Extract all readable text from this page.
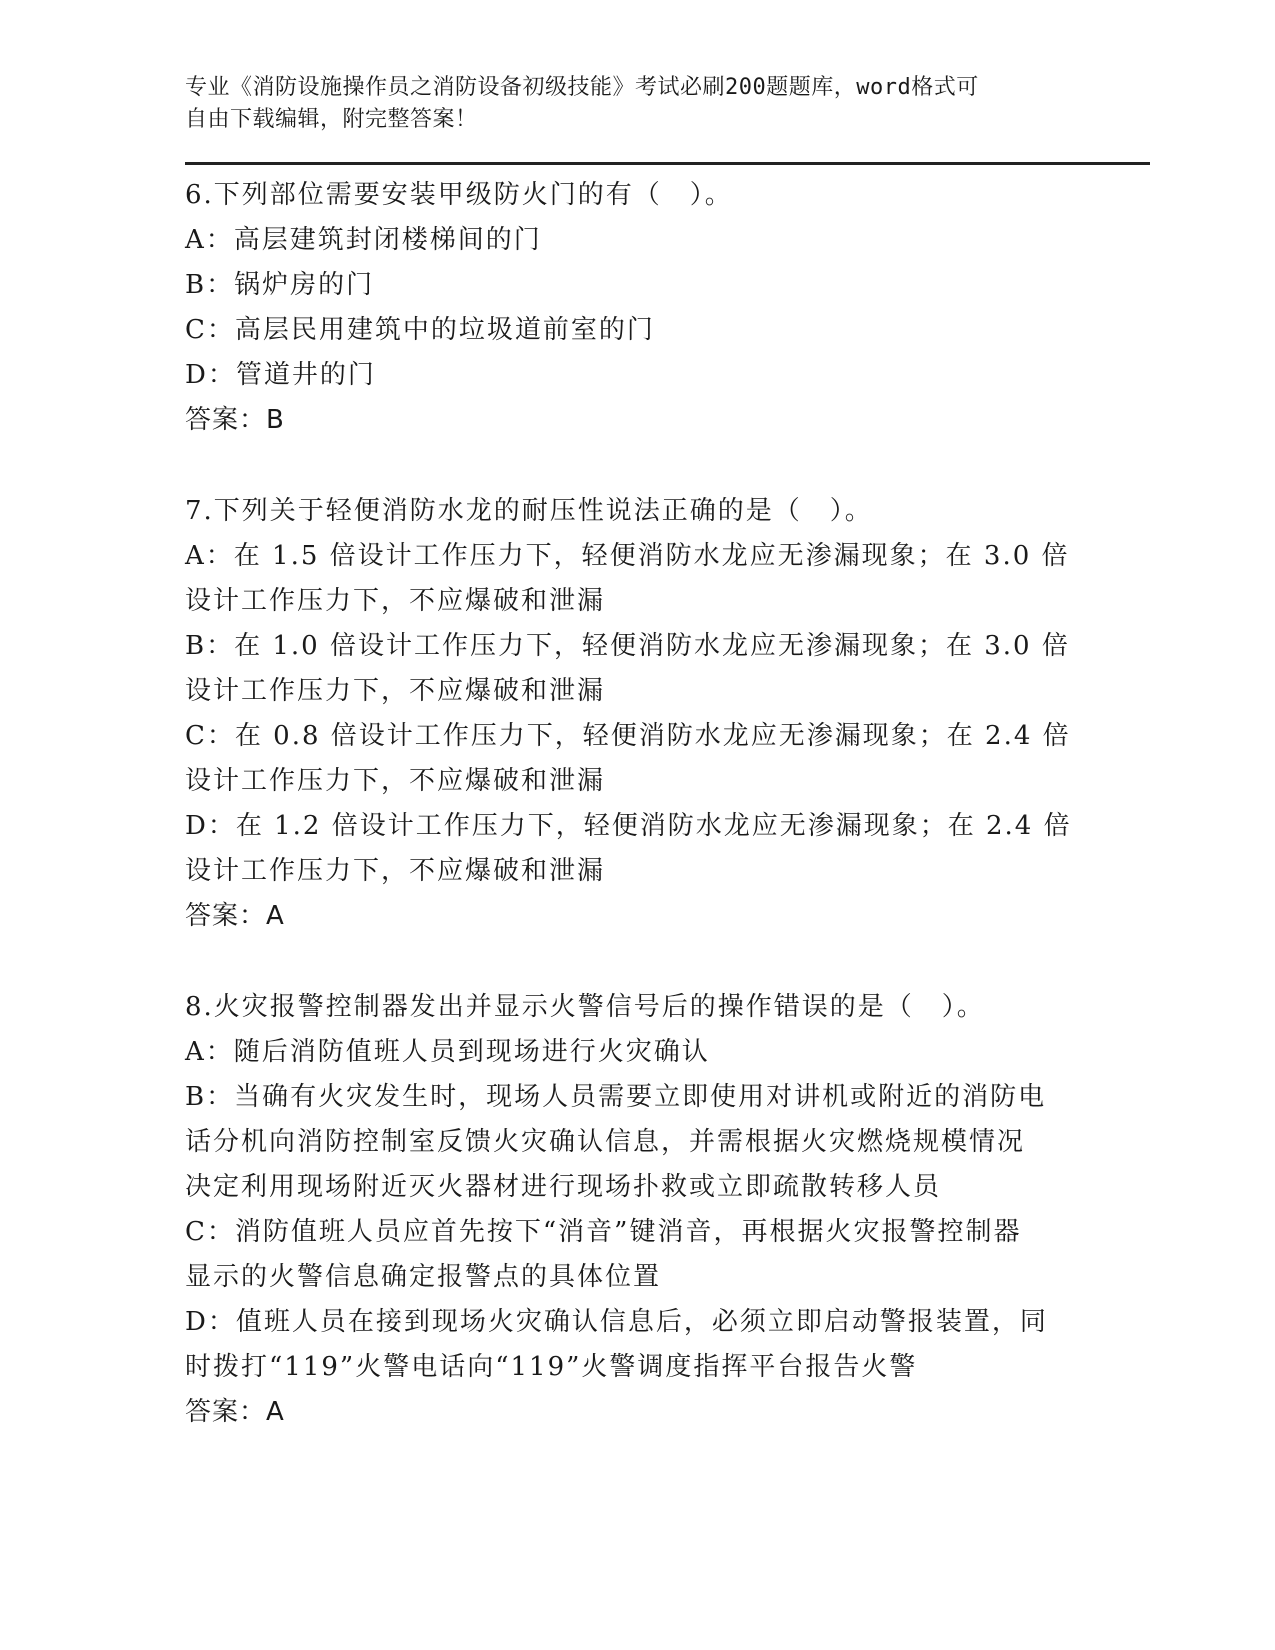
专业《消防设施操作员之消防设备初级技能》考试必刷200题题库，word格式可
自由下载编辑，附完整答案！
6.下列部位需要安装甲级防火门的有（　）。
A：高层建筑封闭楼梯间的门
B：锅炉房的门
C：高层民用建筑中的垃圾道前室的门
D：管道井的门
答案：B
7.下列关于轻便消防水龙的耐压性说法正确的是（　）。
A：在 1.5 倍设计工作压力下，轻便消防水龙应无渗漏现象；在 3.0 倍
设计工作压力下，不应爆破和泄漏
B：在 1.0 倍设计工作压力下，轻便消防水龙应无渗漏现象；在 3.0 倍
设计工作压力下，不应爆破和泄漏
C：在 0.8 倍设计工作压力下，轻便消防水龙应无渗漏现象；在 2.4 倍
设计工作压力下，不应爆破和泄漏
D：在 1.2 倍设计工作压力下，轻便消防水龙应无渗漏现象；在 2.4 倍
设计工作压力下，不应爆破和泄漏
答案：A
8.火灾报警控制器发出并显示火警信号后的操作错误的是（　）。
A：随后消防值班人员到现场进行火灾确认
B：当确有火灾发生时，现场人员需要立即使用对讲机或附近的消防电
话分机向消防控制室反馈火灾确认信息，并需根据火灾燃烧规模情况
决定利用现场附近灭火器材进行现场扑救或立即疏散转移人员
C：消防值班人员应首先按下“消音”键消音，再根据火灾报警控制器
显示的火警信息确定报警点的具体位置
D：值班人员在接到现场火灾确认信息后，必须立即启动警报装置，同
时拨打“119”火警电话向“119”火警调度指挥平台报告火警
答案：A
